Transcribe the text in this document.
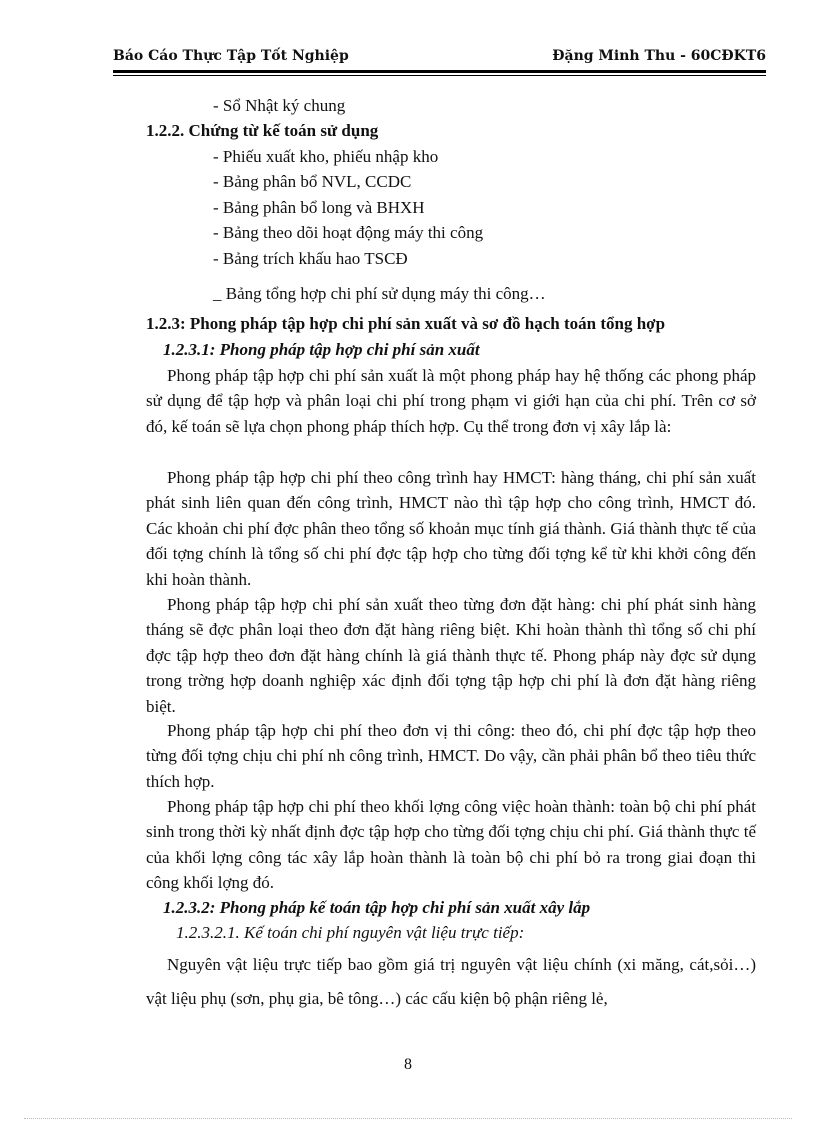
Báo Cáo Thực Tập Tốt Nghiệp	Đặng Minh Thu - 60CĐKT6
- Sổ Nhật ký chung
1.2.2. Chứng từ kế toán sử dụng
- Phiếu xuất kho, phiếu nhập kho
- Bảng phân bổ NVL, CCDC
- Bảng phân bổ long và BHXH
- Bảng theo dõi hoạt động máy thi công
- Bảng trích khấu hao TSCĐ
_ Bảng tổng hợp chi phí sử dụng máy thi công…
1.2.3: Phong pháp tập hợp chi phí sản xuất và sơ đồ hạch toán tổng hợp
1.2.3.1: Phong pháp tập hợp chi phí sản xuất

Phong pháp tập hợp chi phí sản xuất là một phong pháp hay hệ thống các phong pháp sử dụng để tập hợp và phân loại chi phí trong phạm vi giới hạn của chi phí. Trên cơ sở đó, kế toán sẽ lựa chọn phong pháp thích hợp. Cụ thể trong đơn vị xây lắp là:

Phong pháp tập hợp chi phí theo công trình hay HMCT: hàng tháng, chi phí sản xuất phát sinh liên quan đến công trình, HMCT nào thì tập hợp cho công trình, HMCT đó. Các khoản chi phí đợc phân theo tổng số khoản mục tính giá thành. Giá thành thực tế của đối tợng chính là tổng số chi phí đợc tập hợp cho từng đối tợng kể từ khi khởi công đến khi hoàn thành.

Phong pháp tập hợp chi phí sản xuất theo từng đơn đặt hàng: chi phí phát sinh hàng tháng sẽ đợc phân loại theo đơn đặt hàng riêng biệt. Khi hoàn thành thì tổng số chi phí đợc tập hợp theo đơn đặt hàng chính là giá thành thực tế. Phong pháp này đợc sử dụng trong trờng hợp doanh nghiệp xác định đối tợng tập hợp chi phí là đơn đặt hàng riêng biệt.

Phong pháp tập hợp chi phí theo đơn vị thi công: theo đó, chi phí đợc tập hợp theo từng đối tợng chịu chi phí nh công trình, HMCT. Do vậy, cần phải phân bổ theo tiêu thức thích hợp.

Phong pháp tập hợp chi phí theo khối lợng công việc hoàn thành: toàn bộ chi phí phát sinh trong thời kỳ nhất định đợc tập hợp cho từng đối tợng chịu chi phí. Giá thành thực tế của khối lợng công tác xây lắp hoàn thành là toàn bộ chi phí bỏ ra trong giai đoạn thi công khối lợng đó.

1.2.3.2: Phong pháp kế toán tập hợp chi phí sản xuất xây lắp
1.2.3.2.1. Kế toán chi phí nguyên vật liệu trực tiếp:

Nguyên vật liệu trực tiếp bao gồm giá trị nguyên vật liệu chính (xi măng, cát,sỏi…) vật liệu phụ (sơn, phụ gia, bê tông…) các cấu kiện bộ phận riêng lẻ,

8
